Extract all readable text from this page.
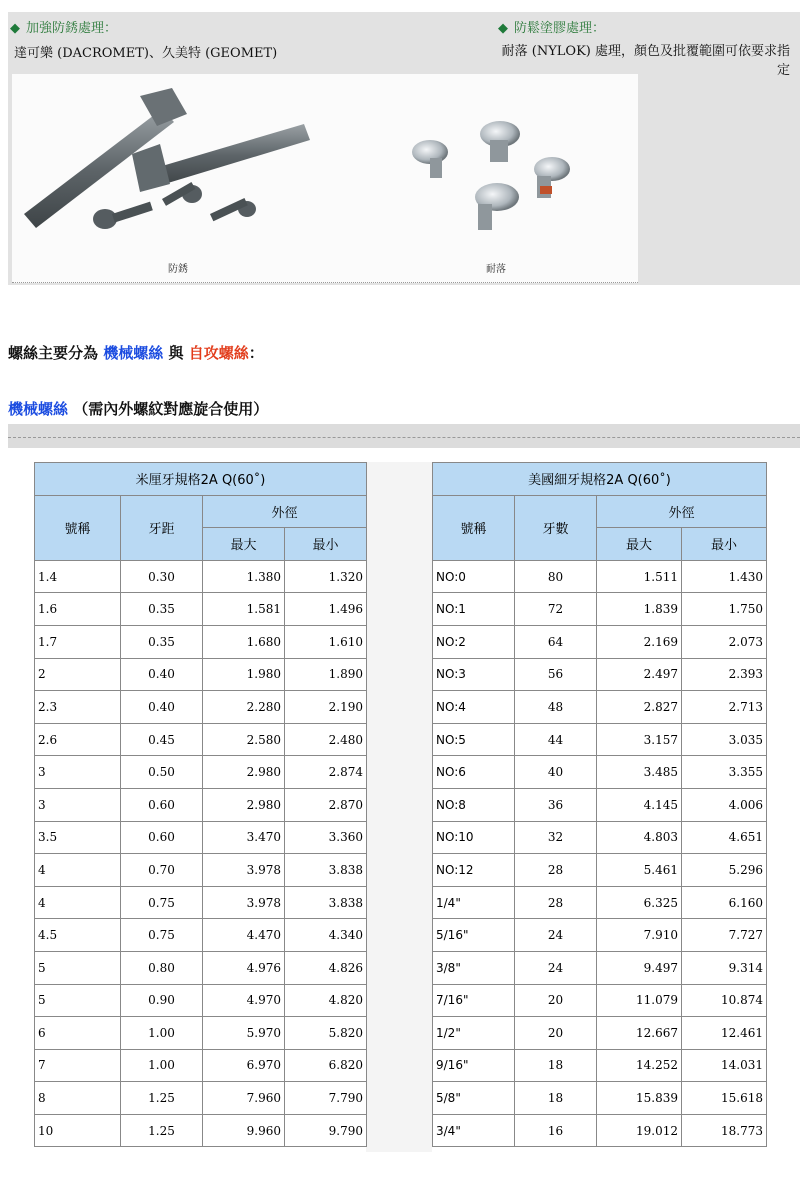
◆ 加強防銹處理：	◆ 防鬆塗膠處理：
達可樂 (DACROMET)、久美特 (GEOMET)	耐落 (NYLOK) 處理，顏色及批覆範圍可依要求指定
防銹	耐落
螺絲主要分為 機械螺絲 與 自攻螺絲：
機械螺絲 （需內外螺紋對應旋合使用）
米厘牙規格2A Q(60˚)			
號稱	牙距	外徑	
		最大	最小
1.4	0.30	1.380	1.320
1.6	0.35	1.581	1.496
1.7	0.35	1.680	1.610
2	0.40	1.980	1.890
2.3	0.40	2.280	2.190
2.6	0.45	2.580	2.480
3	0.50	2.980	2.874
3	0.60	2.980	2.870
3.5	0.60	3.470	3.360
4	0.70	3.978	3.838
4	0.75	3.978	3.838
4.5	0.75	4.470	4.340
5	0.80	4.976	4.826
5	0.90	4.970	4.820
6	1.00	5.970	5.820
7	1.00	6.970	6.820
8	1.25	7.960	7.790
10	1.25	9.960	9.790
美國細牙規格2A Q(60˚)			
號稱	牙數	外徑	
		最大	最小
NO:0	80	1.511	1.430
NO:1	72	1.839	1.750
NO:2	64	2.169	2.073
NO:3	56	2.497	2.393
NO:4	48	2.827	2.713
NO:5	44	3.157	3.035
NO:6	40	3.485	3.355
NO:8	36	4.145	4.006
NO:10	32	4.803	4.651
NO:12	28	5.461	5.296
1/4"	28	6.325	6.160
5/16"	24	7.910	7.727
3/8"	24	9.497	9.314
7/16"	20	11.079	10.874
1/2"	20	12.667	12.461
9/16"	18	14.252	14.031
5/8"	18	15.839	15.618
3/4"	16	19.012	18.773
